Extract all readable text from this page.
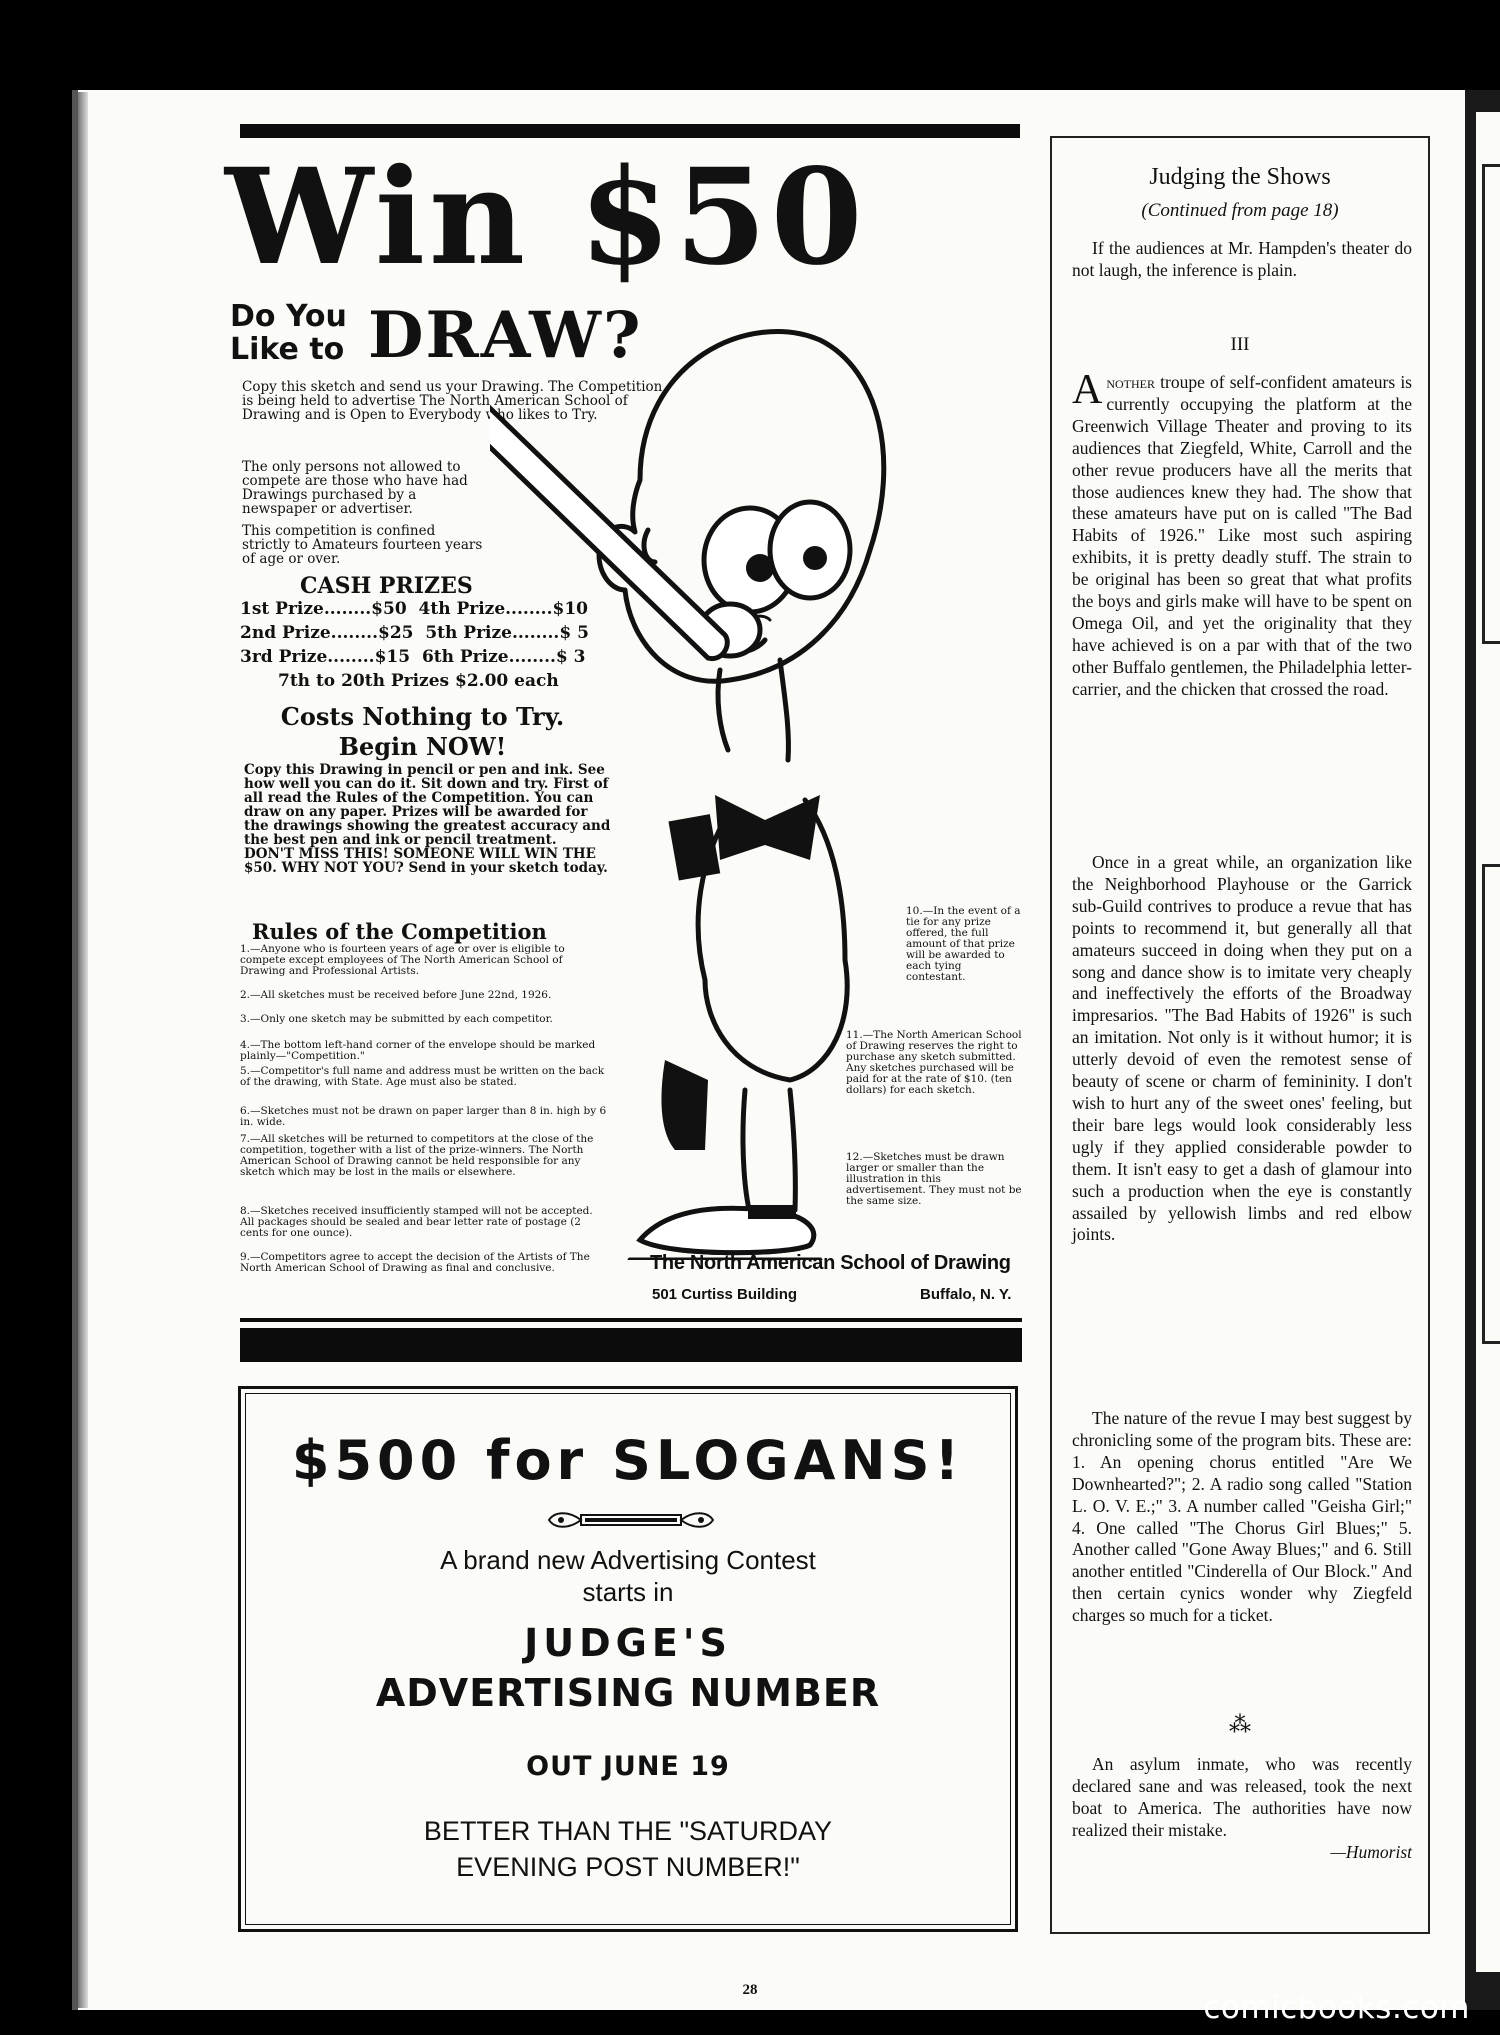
Win $50
Do You
Like to DRAW?
Copy this sketch and send us your Drawing. The Competition is being held to advertise The North American School of Drawing and is Open to Everybody who likes to Try.
The only persons not allowed to compete are those who have had Drawings purchased by a newspaper or advertiser.
This competition is confined strictly to Amateurs fourteen years of age or over.
CASH PRIZES
1st Prize........$50 4th Prize........$10
2nd Prize........$25 5th Prize........$ 5
3rd Prize........$15 6th Prize........$ 3
7th to 20th Prizes $2.00 each
Costs Nothing to Try.
Begin NOW!
Copy this Drawing in pencil or pen and ink. See how well you can do it. Sit down and try. First of all read the Rules of the Competition. You can draw on any paper. Prizes will be awarded for the drawings showing the greatest accuracy and the best pen and ink or pencil treatment.
DON'T MISS THIS! SOMEONE WILL WIN THE $50. WHY NOT YOU? Send in your sketch today.
Rules of the Competition
1.—Anyone who is fourteen years of age or over is eligible to compete except employees of The North American School of Drawing and Professional Artists.
2.—All sketches must be received before June 22nd, 1926.
3.—Only one sketch may be submitted by each competitor.
4.—The bottom left-hand corner of the envelope should be marked plainly—"Competition."
5.—Competitor's full name and address must be written on the back of the drawing, with State. Age must also be stated.
6.—Sketches must not be drawn on paper larger than 8 in. high by 6 in. wide.
7.—All sketches will be returned to competitors at the close of the competition, together with a list of the prize-winners. The North American School of Drawing cannot be held responsible for any sketch which may be lost in the mails or elsewhere.
8.—Sketches received insufficiently stamped will not be accepted. All packages should be sealed and bear letter rate of postage (2 cents for one ounce).
9.—Competitors agree to accept the decision of the Artists of The North American School of Drawing as final and conclusive.
10.—In the event of a tie for any prize offered, the full amount of that prize will be awarded to each tying contestant.
11.—The North American School of Drawing reserves the right to purchase any sketch submitted. Any sketches purchased will be paid for at the rate of $10. (ten dollars) for each sketch.
12.—Sketches must be drawn larger or smaller than the illustration in this advertisement. They must not be the same size.
The North American School of Drawing
501 Curtiss Building	Buffalo, N. Y.
$500 for SLOGANS!
A brand new Advertising Contest
starts in
JUDGE'S
ADVERTISING NUMBER
OUT JUNE 19
BETTER THAN THE "SATURDAY
EVENING POST NUMBER!"
Judging the Shows
(Continued from page 18)
If the audiences at Mr. Hampden's theater do not laugh, the inference is plain.
III
Another troupe of self-confident amateurs is currently occupying the platform at the Greenwich Village Theater and proving to its audiences that Ziegfeld, White, Carroll and the other revue producers have all the merits that those audiences knew they had. The show that these amateurs have put on is called "The Bad Habits of 1926." Like most such aspiring exhibits, it is pretty deadly stuff. The strain to be original has been so great that what profits the boys and girls make will have to be spent on Omega Oil, and yet the originality that they have achieved is on a par with that of the two other Buffalo gentlemen, the Philadelphia letter-carrier, and the chicken that crossed the road.
Once in a great while, an organization like the Neighborhood Playhouse or the Garrick sub-Guild contrives to produce a revue that has points to recommend it, but generally all that amateurs succeed in doing when they put on a song and dance show is to imitate very cheaply and ineffectively the efforts of the Broadway impresarios. "The Bad Habits of 1926" is such an imitation. Not only is it without humor; it is utterly devoid of even the remotest sense of beauty of scene or charm of femininity. I don't wish to hurt any of the sweet ones' feeling, but their bare legs would look considerably less ugly if they applied considerable powder to them. It isn't easy to get a dash of glamour into such a production when the eye is constantly assailed by yellowish limbs and red elbow joints.
The nature of the revue I may best suggest by chronicling some of the program bits. These are: 1. An opening chorus entitled "Are We Downhearted?"; 2. A radio song called "Station L. O. V. E.;" 3. A number called "Geisha Girl;" 4. One called "The Chorus Girl Blues;" 5. Another called "Gone Away Blues;" and 6. Still another entitled "Cinderella of Our Block." And then certain cynics wonder why Ziegfeld charges so much for a ticket.
⁂
An asylum inmate, who was recently declared sane and was released, took the next boat to America. The authorities have now realized their mistake.
—Humorist
28	comicbooks.com
